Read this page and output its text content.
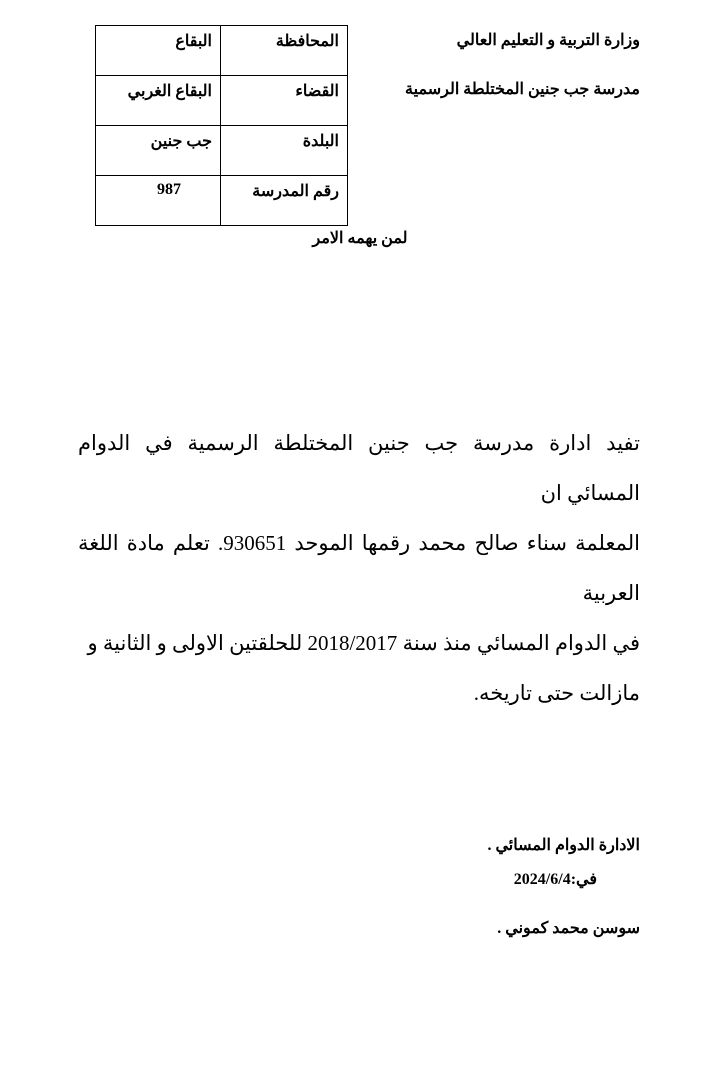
وزارة التربية و التعليم العالي
مدرسة جب جنين المختلطة الرسمية
المحافظة	البقاع
القضاء	البقاع الغربي
البلدة	جب جنين
رقم المدرسة	987
لمن يهمه الامر

تفيد ادارة مدرسة جب جنين المختلطة الرسمية في الدوام المسائي ان

المعلمة سناء صالح محمد رقمها الموحد 930651. تعلم مادة اللغة العربية

في الدوام المسائي منذ سنة 2018/2017 للحلقتين الاولى و الثانية و

مازالت حتى تاريخه.

الادارة الدوام المسائي .
في:2024/6/4
سوسن محمد كموني .
